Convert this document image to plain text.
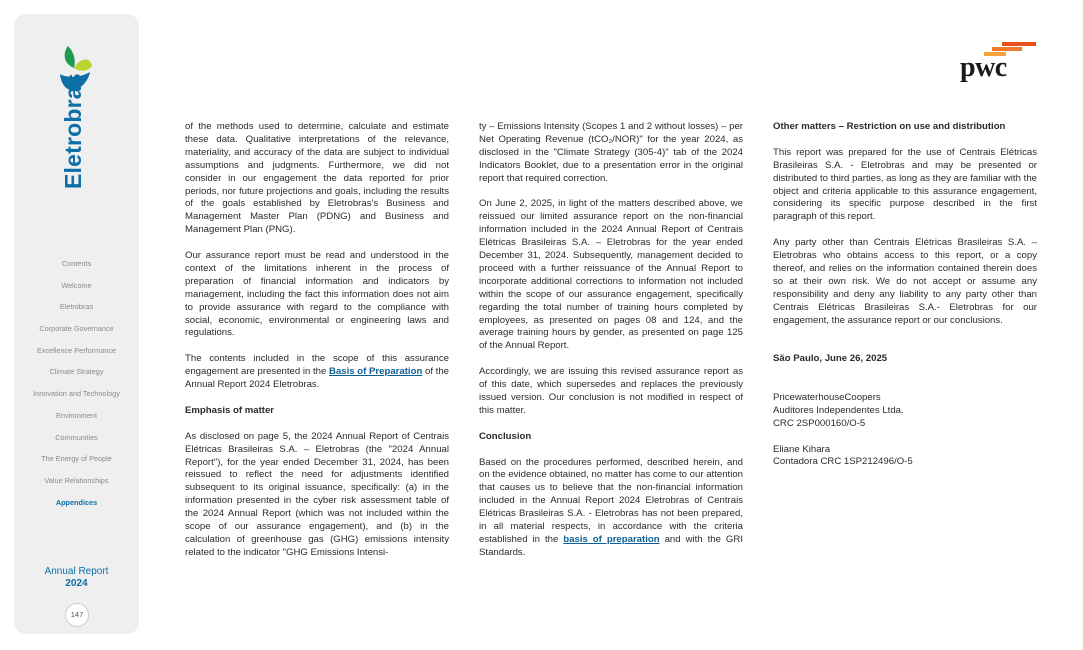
Eletrobras
Contents
Welcome
Eletrobras
Corporate Governance
Excellence Performance
Climate Strategy
Innovation and Technology
Environment
Communities
The Energy of People
Value Relationships
Appendices
Annual Report
2024
147
pwc

of the methods used to determine, calculate and estimate these data. Qualitative interpretations of the relevance, materiality, and accuracy of the data are subject to individual assumptions and judgments. Furthermore, we did not consider in our engagement the data reported for prior periods, nor future projections and goals, including the results of the goals established by Eletrobras's Business and Management Master Plan (PDNG) and Business and Management Plan (PNG).

Our assurance report must be read and understood in the context of the limitations inherent in the process of preparation of financial information and indicators by management, including the fact this information does not aim to provide assurance with regard to the compliance with social, economic, environmental or engineering laws and regulations.

The contents included in the scope of this assurance engagement are presented in the Basis of Preparation of the Annual Report 2024 Eletrobras.

Emphasis of matter

As disclosed on page 5, the 2024 Annual Report of Centrais Elétricas Brasileiras S.A. – Eletrobras (the "2024 Annual Report"), for the year ended December 31, 2024, has been reissued to reflect the need for adjustments identified subsequent to its original issuance, specifically: (a) in the information presented in the cyber risk assessment table of the 2024 Annual Report (which was not included within the scope of our assurance engagement), and (b) in the calculation of greenhouse gas (GHG) emissions intensity related to the indicator "GHG Emissions Intensi-

ty – Emissions Intensity (Scopes 1 and 2 without losses) – per Net Operating Revenue (tCO₂/NOR)" for the year 2024, as disclosed in the "Climate Strategy (305-4)" tab of the 2024 Indicators Booklet, due to a presentation error in the original report that required correction.

On June 2, 2025, in light of the matters described above, we reissued our limited assurance report on the non-financial information included in the 2024 Annual Report of Centrais Elétricas Brasileiras S.A. – Eletrobras for the year ended December 31, 2024. Subsequently, management decided to proceed with a further reissuance of the Annual Report to incorporate additional corrections to information not included within the scope of our assurance engagement, specifically regarding the total number of training hours completed by employees, as presented on pages 08 and 124, and the average training hours by gender, as presented on page 125 of the Annual Report.

Accordingly, we are issuing this revised assurance report as of this date, which supersedes and replaces the previously issued version. Our conclusion is not modified in respect of this matter.

Conclusion

Based on the procedures performed, described herein, and on the evidence obtained, no matter has come to our attention that causes us to believe that the non-financial information included in the Annual Report 2024 Eletrobras of Centrais Elétricas Brasileiras S.A. - Eletrobras has not been prepared, in all material respects, in accordance with the criteria established in the basis of preparation and with the GRI Standards.

Other matters – Restriction on use and distribution

This report was prepared for the use of Centrais Elétricas Brasileiras S.A. - Eletrobras and may be presented or distributed to third parties, as long as they are familiar with the object and criteria applicable to this assurance engagement, considering its specific purpose described in the first paragraph of this report.

Any party other than Centrais Elétricas Brasileiras S.A. – Eletrobras who obtains access to this report, or a copy thereof, and relies on the information contained therein does so at their own risk. We do not accept or assume any responsibility and deny any liability to any party other than Centrais Elétricas Brasileiras S.A.- Eletrobras for our engagement, the assurance report or our conclusions.

São Paulo, June 26, 2025

PricewaterhouseCoopers

Auditores Independentes Ltda.

CRC 2SP000160/O-5

Eliane Kihara

Contadora CRC 1SP212496/O-5
